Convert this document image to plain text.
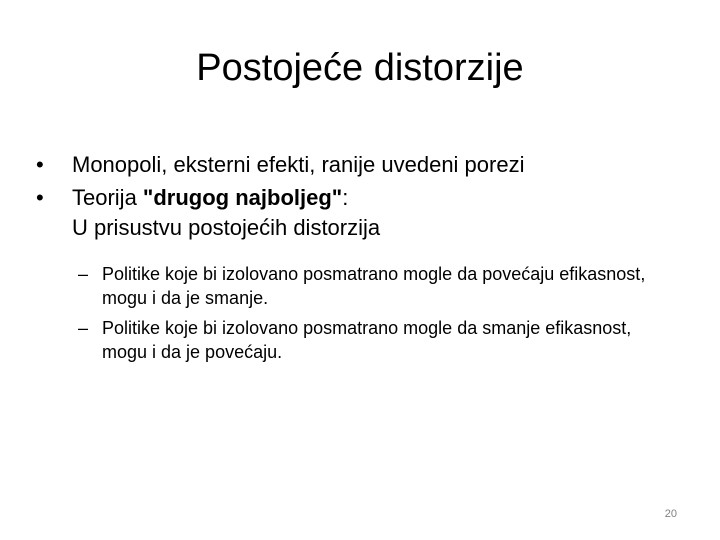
Postojeće distorzije
•	Monopoli, eksterni efekti, ranije uvedeni porezi
•	Teorija "drugog najboljeg":
U prisustvu postojećih distorzija
– Politike koje bi izolovano posmatrano mogle da povećaju efikasnost, mogu i da je smanje.
– Politike koje bi izolovano posmatrano mogle da smanje efikasnost, mogu i da je povećaju.
20
